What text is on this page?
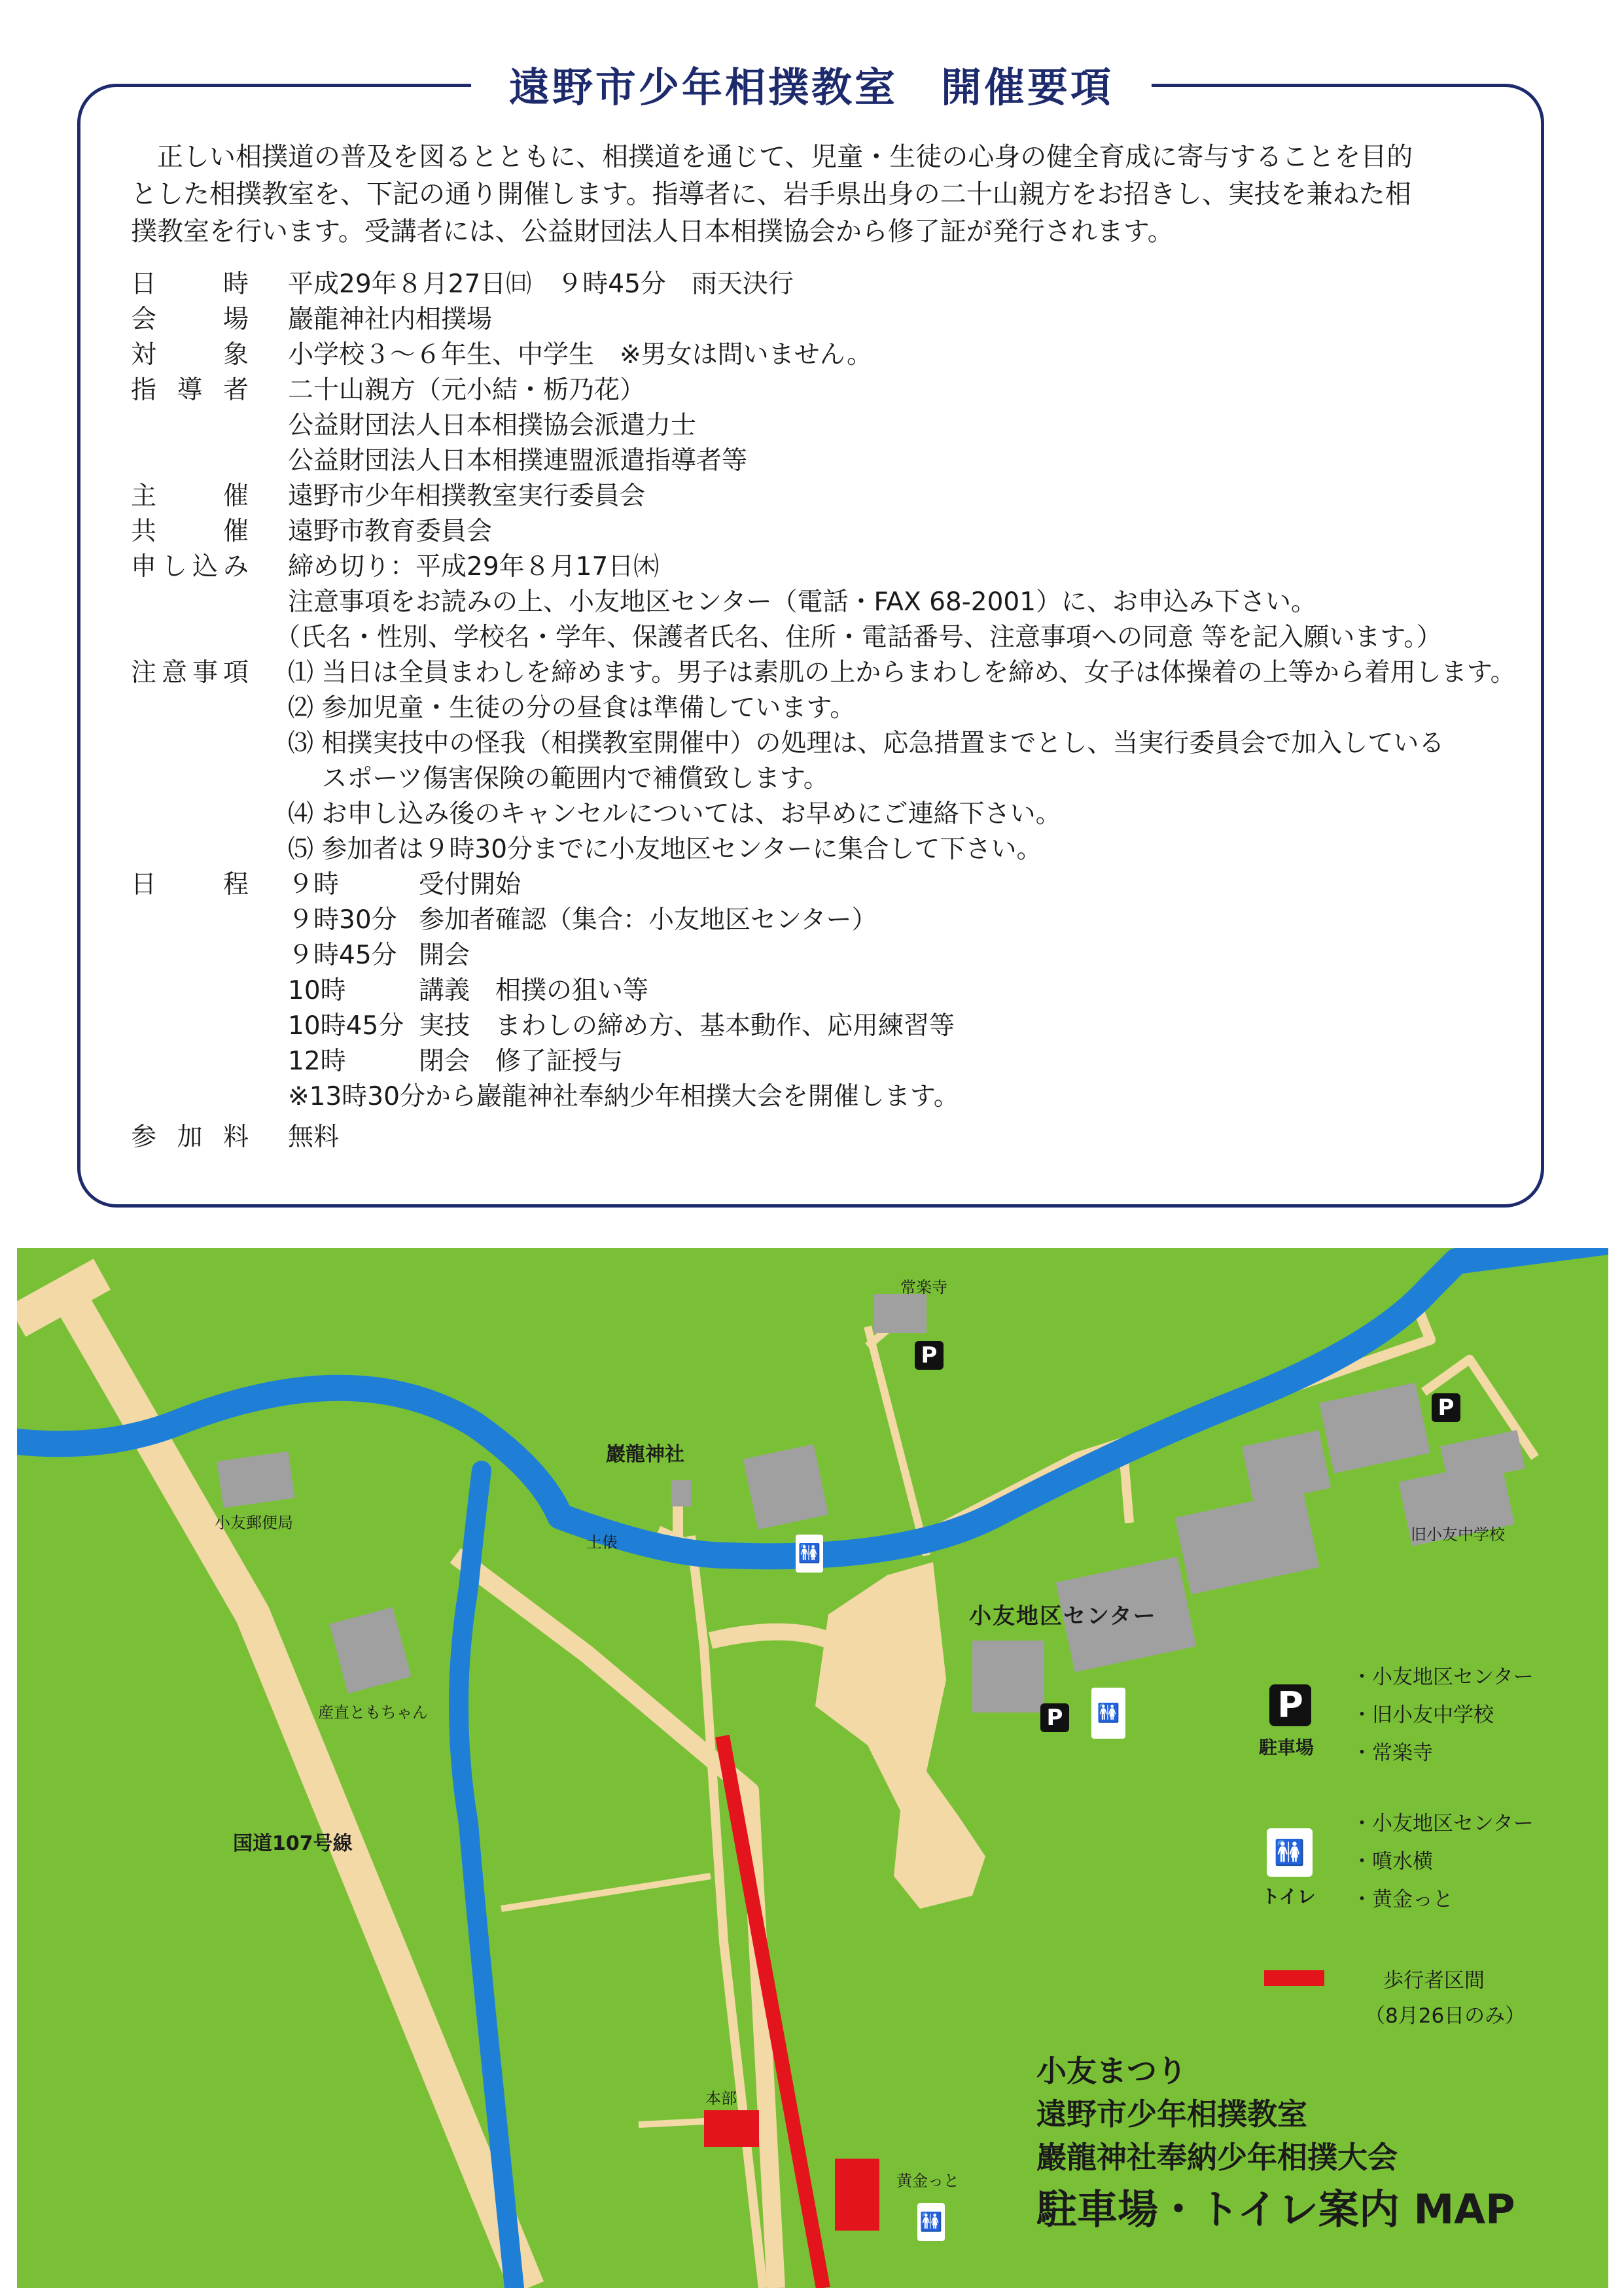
遠野市少年相撲教室　開催要項

　正しい相撲道の普及を図るとともに、相撲道を通じて、児童・生徒の心身の健全育成に寄与することを目的

とした相撲教室を、下記の通り開催します。指導者に、岩手県出身の二十山親方をお招きし、実技を兼ねた相

撲教室を行います。受講者には、公益財団法人日本相撲協会から修了証が発行されます。

日時 平成29年８月27日㈰　９時45分　雨天決行
会場 巖龍神社内相撲場
対象 小学校３～６年生、中学生　※男女は問いません。
指導者 二十山親方（元小結・栃乃花）
公益財団法人日本相撲協会派遣力士
公益財団法人日本相撲連盟派遣指導者等
主催 遠野市少年相撲教室実行委員会
共催 遠野市教育委員会
申し込み 締め切り：平成29年８月17日㈭
注意事項をお読みの上、小友地区センター（電話・FAX 68-2001）に、お申込み下さい。
（氏名・性別、学校名・学年、保護者氏名、住所・電話番号、注意事項への同意 等を記入願います。）
注意事項 ⑴ 当日は全員まわしを締めます。男子は素肌の上からまわしを締め、女子は体操着の上等から着用します。
⑵ 参加児童・生徒の分の昼食は準備しています。
⑶ 相撲実技中の怪我（相撲教室開催中）の処理は、応急措置までとし、当実行委員会で加入している
　 スポーツ傷害保険の範囲内で補償致します。
⑷ お申し込み後のキャンセルについては、お早めにご連絡下さい。
⑸ 参加者は９時30分までに小友地区センターに集合して下さい。
日程 ９時	受付開始
９時30分 参加者確認（集合：小友地区センター）
９時45分 開会
10時	講義　相撲の狙い等
10時45分 実技　まわしの締め方、基本動作、応用練習等
12時	閉会　修了証授与
※13時30分から巖龍神社奉納少年相撲大会を開催します。
参加料 無料
常楽寺
巖龍神社
土俵
小友郵便局
産直ともちゃん
国道107号線
小友地区センター
旧小友中学校
本部
黄金っと
P
P
P
🚻
🚻
🚻
P
駐車場
・小友地区センター
・旧小友中学校
・常楽寺
🚻
トイレ
・小友地区センター
・噴水横
・黄金っと
歩行者区間
（8月26日のみ）
小友まつり
遠野市少年相撲教室
巖龍神社奉納少年相撲大会
駐車場・トイレ案内 MAP
